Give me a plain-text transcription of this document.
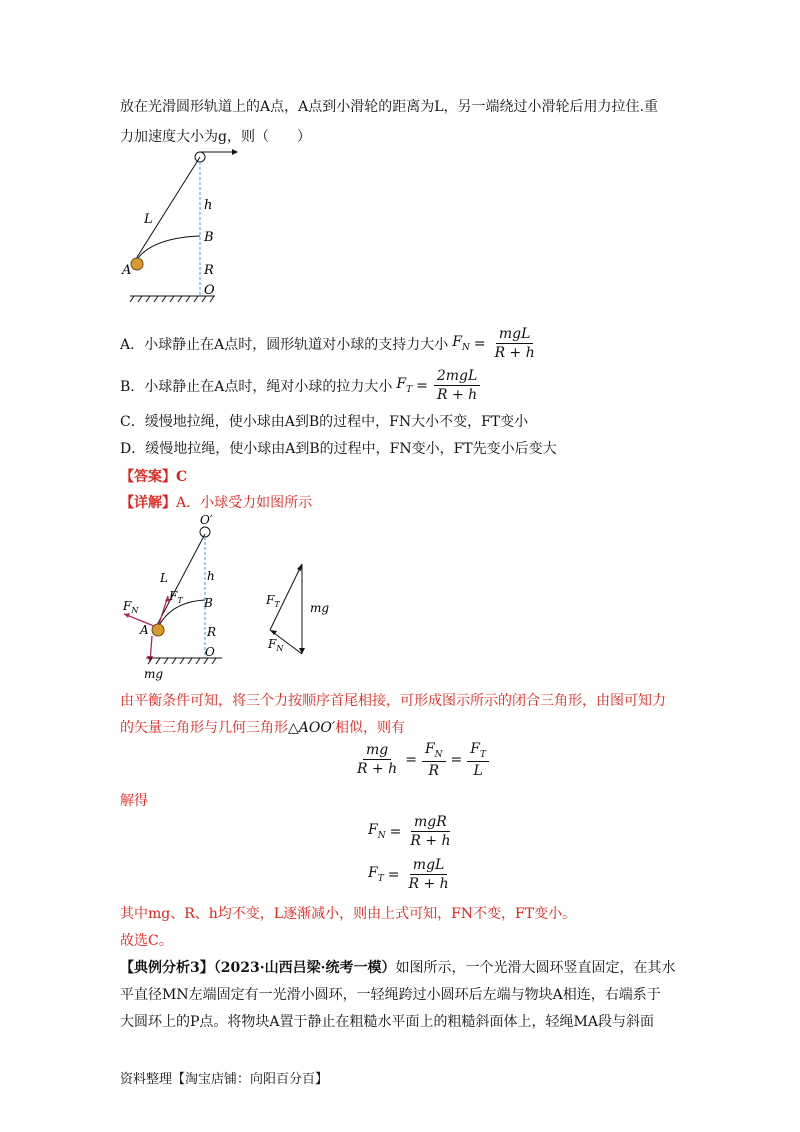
放在光滑圆形轨道上的A点，A点到小滑轮的距离为L，另一端绕过小滑轮后用力拉住.重
力加速度大小为g，则（　　）
L
h
B
A	R
O
A．小球静止在A点时，圆形轨道对小球的支持力大小 $F_N = \frac{\text{mgL}}{R + h}$
B．小球静止在A点时，绳对小球的拉力大小 $F_T = \frac{\text{2mgL}}{R + h}$
C．缓慢地拉绳，使小球由A到B的过程中，FN大小不变，FT变小
D．缓慢地拉绳，使小球由A到B的过程中，FN变小，FT先变小后变大
【答案】C
【详解】A．小球受力如图所示
O′
L	h
$F_T$ B
$F_N$
A	R
O
mg
$F_T$	mg
$F_N$
由平衡条件可知，将三个力按顺序首尾相接，可形成图示所示的闭合三角形，由图可知力
的矢量三角形与几何三角形△AOO′相似，则有
$\frac{mg}{R + h} = \frac{F_N}{R} = \frac{F_T}{L}$
解得
$F_N = \frac{\text{mgR}}{R + h}$
$F_T = \frac{\text{mgL}}{R + h}$
其中mg、R、h均不变，L逐渐减小，则由上式可知，FN不变，FT变小。
故选C。
【典例分析3】（2023·山西吕梁·统考一模）如图所示，一个光滑大圆环竖直固定，在其水
平直径MN左端固定有一光滑小圆环，一轻绳跨过小圆环后左端与物块A相连，右端系于
大圆环上的P点。将物块A置于静止在粗糙水平面上的粗糙斜面体上，轻绳MA段与斜面
资料整理【淘宝店铺：向阳百分百】
